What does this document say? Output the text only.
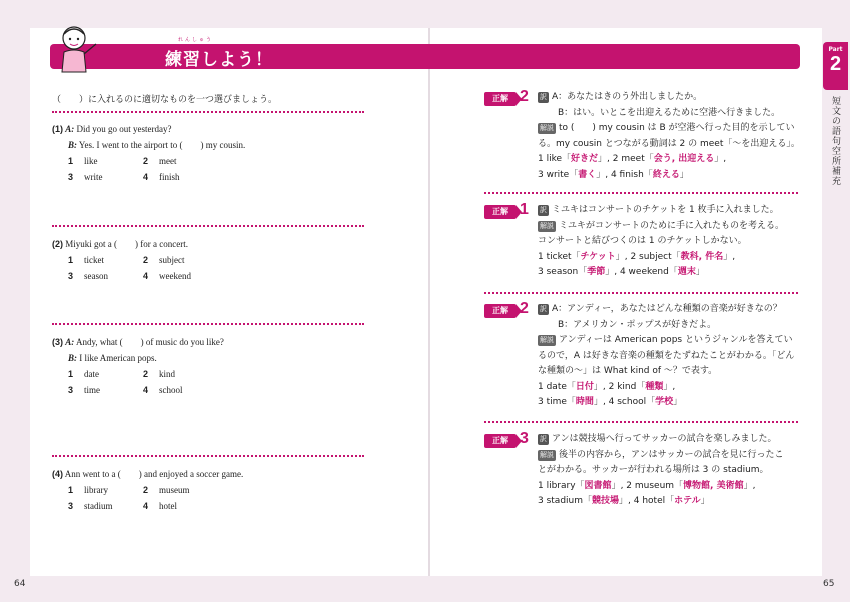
れんしゅう
練習しよう！
Part
2
短文の語句空所補充
（　　）に入れるのに適切なものを一つ選びましょう。
(1) A: Did you go out yesterday?
B: Yes. I went to the airport to (　　) my cousin.
1 like	2 meet
3 write	4 finish
(2) Miyuki got a (　　) for a concert.
1 ticket	2 subject
3 season	4 weekend
(3) A: Andy, what (　　) of music do you like?
B: I like American pops.
1 date	2 kind
3 time	4 school
(4) Ann went to a (　　) and enjoyed a soccer game.
1 library	2 museum
3 stadium	4 hotel
正解 2 訳 A：あなたはきのう外出しましたか。
B：はい。いとこを出迎えるために空港へ行きました。
解説 to (　　) my cousin は B が空港へ行った目的を示してい
る。my cousin とつながる動詞は 2 の meet「～を出迎える」。
1 like「好きだ」, 2 meet「会う, 出迎える」,
3 write「書く」, 4 finish「終える」
正解 1 訳 ミユキはコンサートのチケットを 1 枚手に入れました。
解説 ミユキがコンサートのために手に入れたものを考える。
コンサートと結びつくのは 1 のチケットしかない。
1 ticket「チケット」, 2 subject「教科, 件名」,
3 season「季節」, 4 weekend「週末」
正解 2 訳 A：アンディー，あなたはどんな種類の音楽が好きなの？
B：アメリカン・ポップスが好きだよ。
解説 アンディーは American pops というジャンルを答えてい
るので，A は好きな音楽の種類をたずねたことがわかる。「どん
な種類の～」は What kind of ～？で表す。
1 date「日付」, 2 kind「種類」,
3 time「時間」, 4 school「学校」
正解 3 訳 アンは競技場へ行ってサッカーの試合を楽しみました。
解説 後半の内容から，アンはサッカーの試合を見に行ったこ
とがわかる。サッカーが行われる場所は 3 の stadium。
1 library「図書館」, 2 museum「博物館, 美術館」,
3 stadium「競技場」, 4 hotel「ホテル」
64	65
